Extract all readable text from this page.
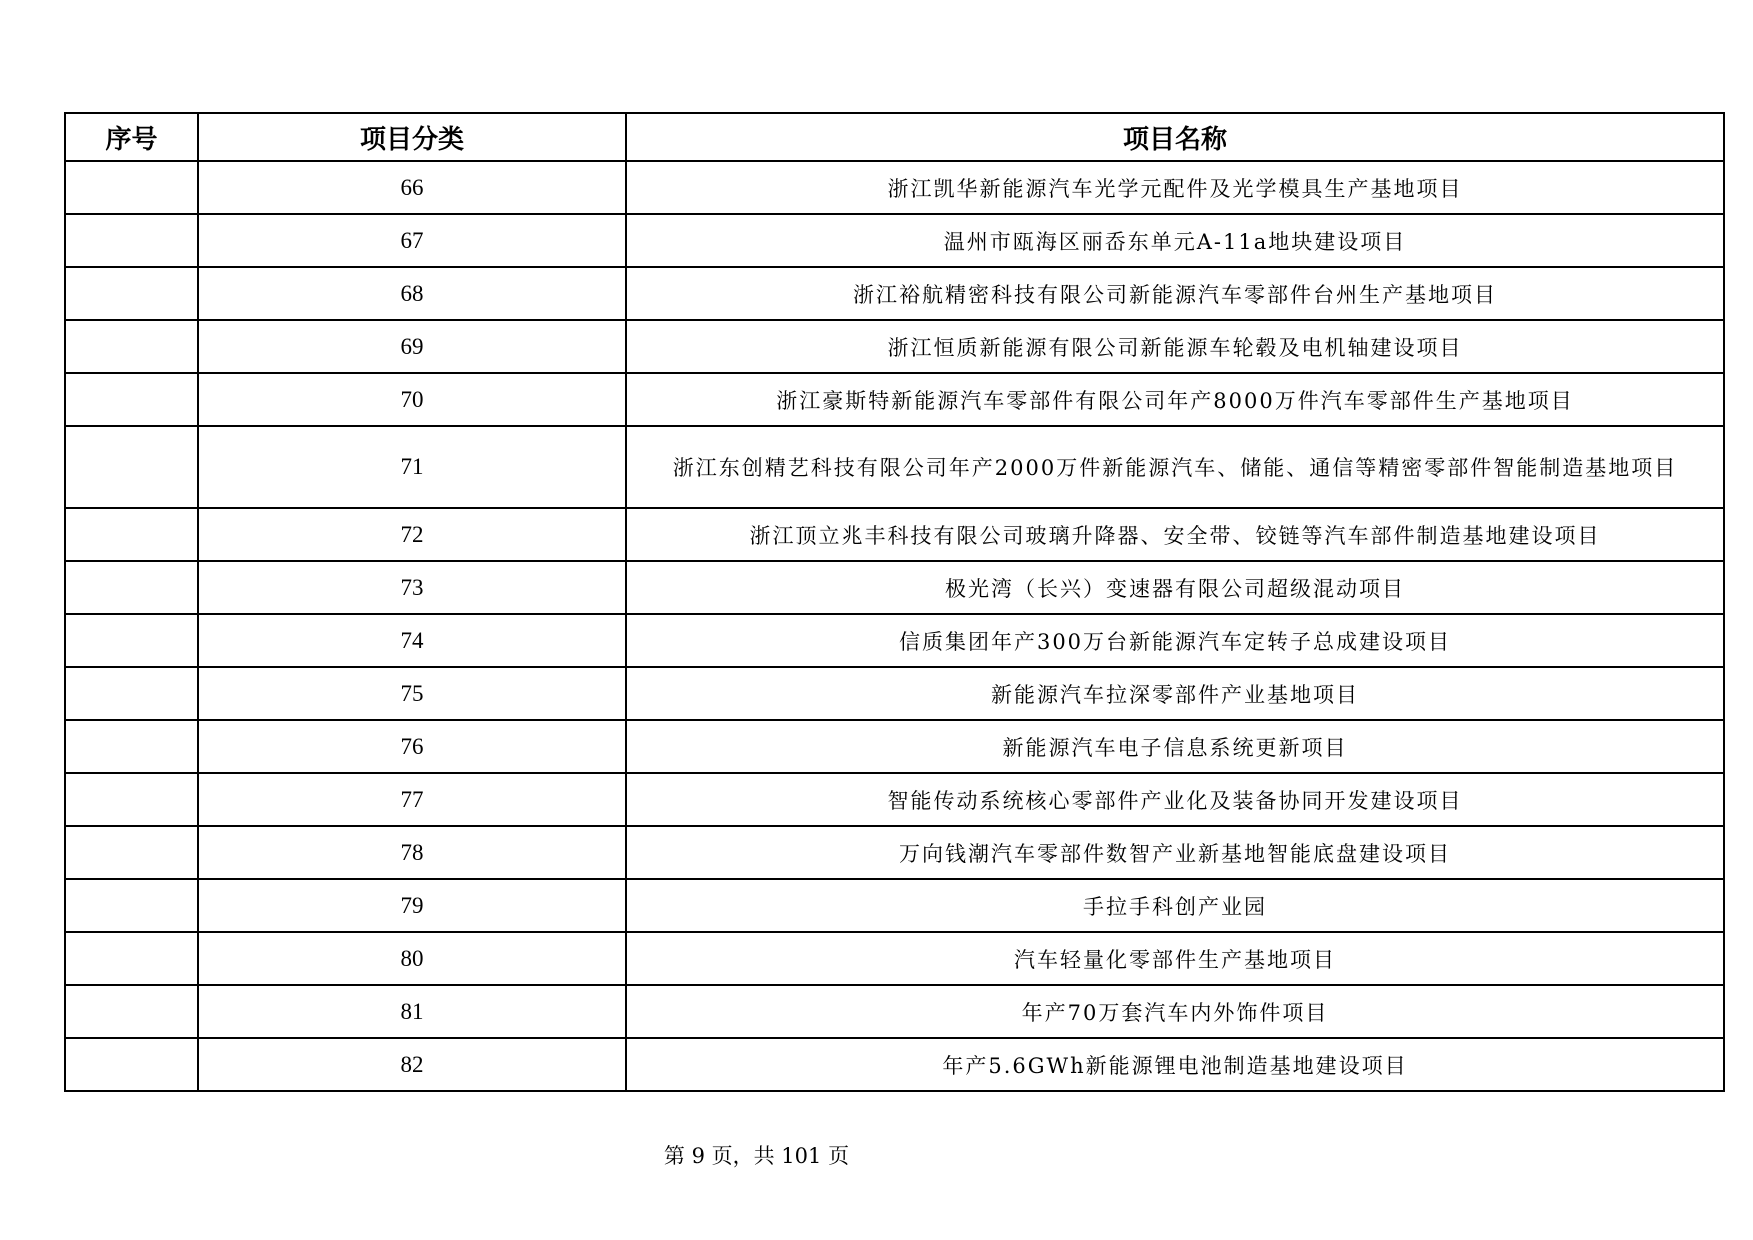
序号	项目分类	项目名称
	66	浙江凯华新能源汽车光学元配件及光学模具生产基地项目
	67	温州市瓯海区丽岙东单元A-11a地块建设项目
	68	浙江裕航精密科技有限公司新能源汽车零部件台州生产基地项目
	69	浙江恒质新能源有限公司新能源车轮毂及电机轴建设项目
	70	浙江豪斯特新能源汽车零部件有限公司年产8000万件汽车零部件生产基地项目
	71	浙江东创精艺科技有限公司年产2000万件新能源汽车、储能、通信等精密零部件智能制造基地项目
	72	浙江顶立兆丰科技有限公司玻璃升降器、安全带、铰链等汽车部件制造基地建设项目
	73	极光湾（长兴）变速器有限公司超级混动项目
	74	信质集团年产300万台新能源汽车定转子总成建设项目
	75	新能源汽车拉深零部件产业基地项目
	76	新能源汽车电子信息系统更新项目
	77	智能传动系统核心零部件产业化及装备协同开发建设项目
	78	万向钱潮汽车零部件数智产业新基地智能底盘建设项目
	79	手拉手科创产业园
	80	汽车轻量化零部件生产基地项目
	81	年产70万套汽车内外饰件项目
	82	年产5.6GWh新能源锂电池制造基地建设项目
第 9 页，共 101 页
